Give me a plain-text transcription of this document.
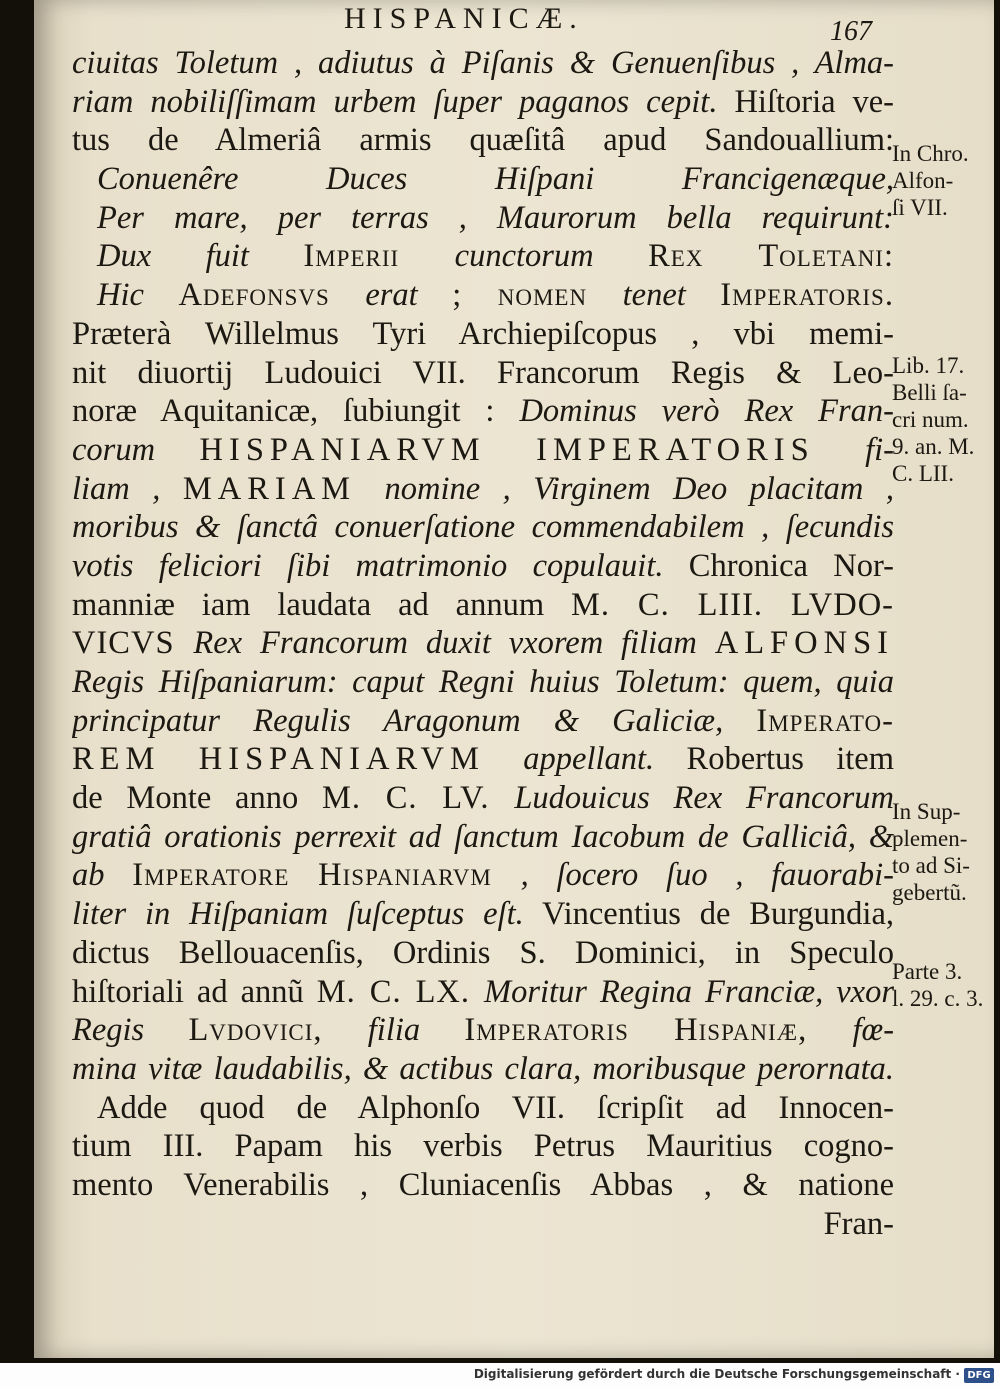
HISPANICÆ.	167
ciuitas Toletum , adiutus à Piſanis & Genuenſibus , Alma-
riam nobiliſſimam urbem ſuper paganos cepit. Hiſtoria ve-
tus de Almeriâ armis quæſitâ apud Sandouallium:
Conuenêre Duces Hiſpani Francigenæque,
Per mare, per terras , Maurorum bella requirunt:
Dux fuit Imperii cunctorum Rex Toletani:
Hic Adefonsvs erat ; nomen tenet Imperatoris.
Præterà Willelmus Tyri Archiepiſcopus , vbi memi-
nit diuortij Ludouici VII. Francorum Regis & Leo-
noræ Aquitanicæ, ſubiungit : Dominus verò Rex Fran-
corum HISPANIARVM IMPERATORIS fi-
liam , MARIAM nomine , Virginem Deo placitam ,
moribus & ſanctâ conuerſatione commendabilem , ſecundis
votis feliciori ſibi matrimonio copulauit. Chronica Nor-
manniæ iam laudata ad annum M. C. LIII. LVDO-
VICVS Rex Francorum duxit vxorem filiam ALFONSI
Regis Hiſpaniarum: caput Regni huius Toletum: quem, quia
principatur Regulis Aragonum & Galiciæ, Imperato-
REM HISPANIARVM appellant. Robertus item
de Monte anno M. C. LV. Ludouicus Rex Francorum
gratiâ orationis perrexit ad ſanctum Iacobum de Galliciâ, &
ab Imperatore Hispaniarvm , ſocero ſuo , fauorabi-
liter in Hiſpaniam ſuſceptus eſt. Vincentius de Burgundia,
dictus Bellouacenſis, Ordinis S. Dominici, in Speculo
hiſtoriali ad annũ M. C. LX. Moritur Regina Franciæ, vxor
Regis Lvdovici, filia Imperatoris Hispaniæ, fœ-
mina vitæ laudabilis, & actibus clara, moribusque perornata.
Adde quod de Alphonſo VII. ſcripſit ad Innocen-
tium III. Papam his verbis Petrus Mauritius cogno-
mento Venerabilis , Cluniacenſis Abbas , & natione
Fran-
In Chro.
Alfon-
ſi VII.
Lib. 17.
Belli ſa-
cri num.
9. an. M.
C. LII.
In Sup-
plemen-
to ad Si-
gebertũ.
Parte 3.
l. 29. c. 3.
Digitalisierung gefördert durch die Deutsche Forschungsgemeinschaft · DFG
